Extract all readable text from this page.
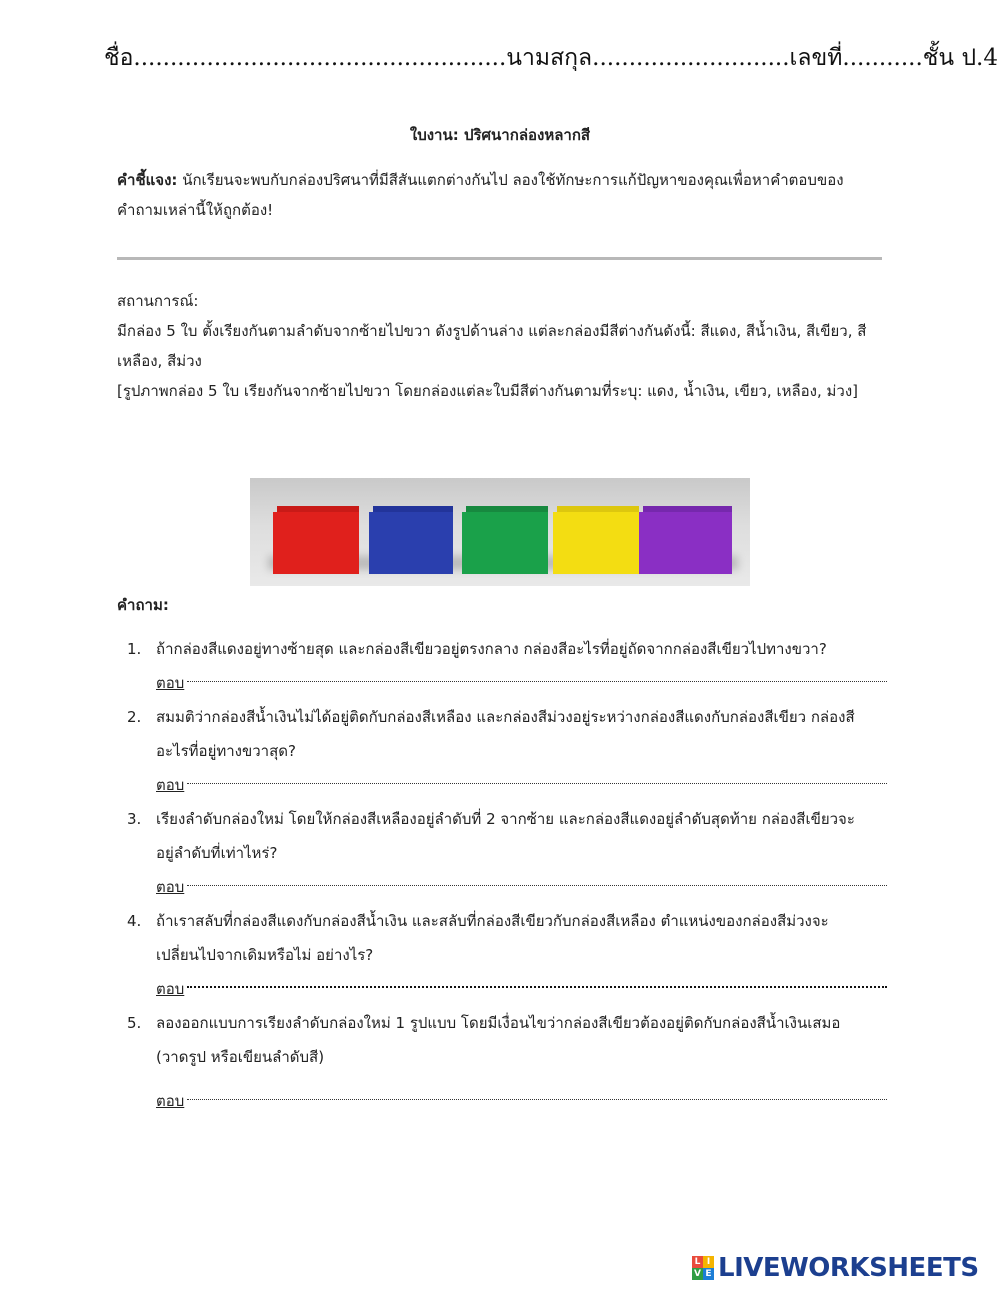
ชื่อ...................................................นามสกุล...........................เลขที่...........ชั้น ป.4
ใบงาน: ปริศนากล่องหลากสี
คำชี้แจง: นักเรียนจะพบกับกล่องปริศนาที่มีสีสันแตกต่างกันไป ลองใช้ทักษะการแก้ปัญหาของคุณเพื่อหาคำตอบของคำถามเหล่านี้ให้ถูกต้อง!
สถานการณ์:
มีกล่อง 5 ใบ ตั้งเรียงกันตามลำดับจากซ้ายไปขวา ดังรูปด้านล่าง แต่ละกล่องมีสีต่างกันดังนี้: สีแดง, สีน้ำเงิน, สีเขียว, สีเหลือง, สีม่วง
[รูปภาพกล่อง 5 ใบ เรียงกันจากซ้ายไปขวา โดยกล่องแต่ละใบมีสีต่างกันตามที่ระบุ: แดง, น้ำเงิน, เขียว, เหลือง, ม่วง]
คำถาม:
1. ถ้ากล่องสีแดงอยู่ทางซ้ายสุด และกล่องสีเขียวอยู่ตรงกลาง กล่องสีอะไรที่อยู่ถัดจากกล่องสีเขียวไปทางขวา?
ตอบ
2. สมมติว่ากล่องสีน้ำเงินไม่ได้อยู่ติดกับกล่องสีเหลือง และกล่องสีม่วงอยู่ระหว่างกล่องสีแดงกับกล่องสีเขียว กล่องสีอะไรที่อยู่ทางขวาสุด?
ตอบ
3. เรียงลำดับกล่องใหม่ โดยให้กล่องสีเหลืองอยู่ลำดับที่ 2 จากซ้าย และกล่องสีแดงอยู่ลำดับสุดท้าย กล่องสีเขียวจะอยู่ลำดับที่เท่าไหร่?
ตอบ
4. ถ้าเราสลับที่กล่องสีแดงกับกล่องสีน้ำเงิน และสลับที่กล่องสีเขียวกับกล่องสีเหลือง ตำแหน่งของกล่องสีม่วงจะเปลี่ยนไปจากเดิมหรือไม่ อย่างไร?
ตอบ
5. ลองออกแบบการเรียงลำดับกล่องใหม่ 1 รูปแบบ โดยมีเงื่อนไขว่ากล่องสีเขียวต้องอยู่ติดกับกล่องสีน้ำเงินเสมอ (วาดรูป หรือเขียนลำดับสี)
ตอบ
L I
V E LIVEWORKSHEETS
